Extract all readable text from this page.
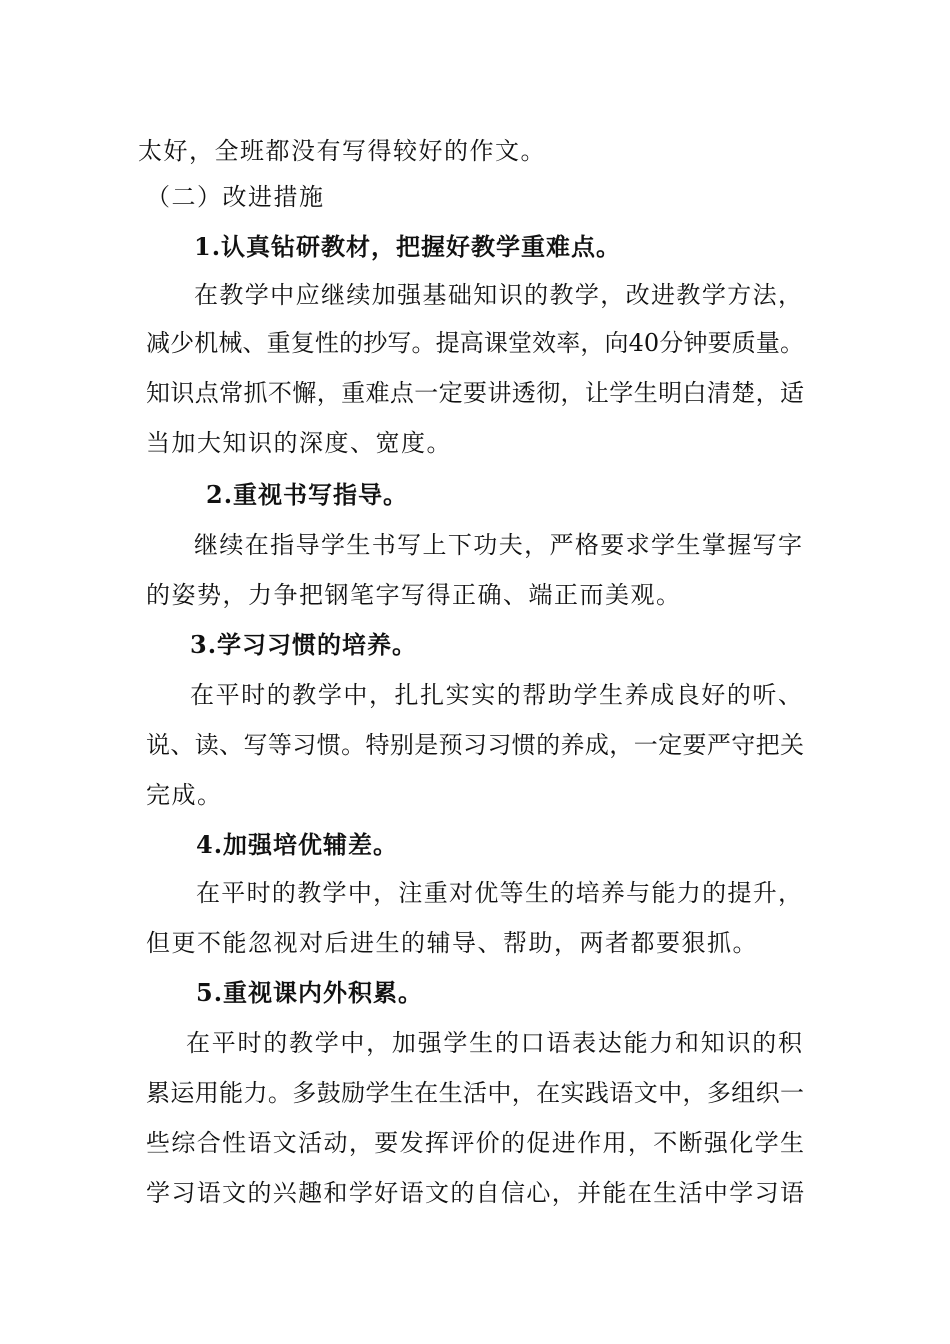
太好，全班都没有写得较好的作文。
（二）改进措施
1.认真钻研教材，把握好教学重难点。
在教学中应继续加强基础知识的教学，改进教学方法，
减少机械、重复性的抄写。提高课堂效率，向40分钟要质量。
知识点常抓不懈，重难点一定要讲透彻，让学生明白清楚，适
当加大知识的深度、宽度。
2.重视书写指导。
继续在指导学生书写上下功夫，严格要求学生掌握写字
的姿势，力争把钢笔字写得正确、端正而美观。
3.学习习惯的培养。
在平时的教学中，扎扎实实的帮助学生养成良好的听、
说、读、写等习惯。特别是预习习惯的养成，一定要严守把关
完成。
4.加强培优辅差。
在平时的教学中，注重对优等生的培养与能力的提升，
但更不能忽视对后进生的辅导、帮助，两者都要狠抓。
5.重视课内外积累。
在平时的教学中，加强学生的口语表达能力和知识的积
累运用能力。多鼓励学生在生活中，在实践语文中，多组织一
些综合性语文活动，要发挥评价的促进作用，不断强化学生
学习语文的兴趣和学好语文的自信心，并能在生活中学习语
